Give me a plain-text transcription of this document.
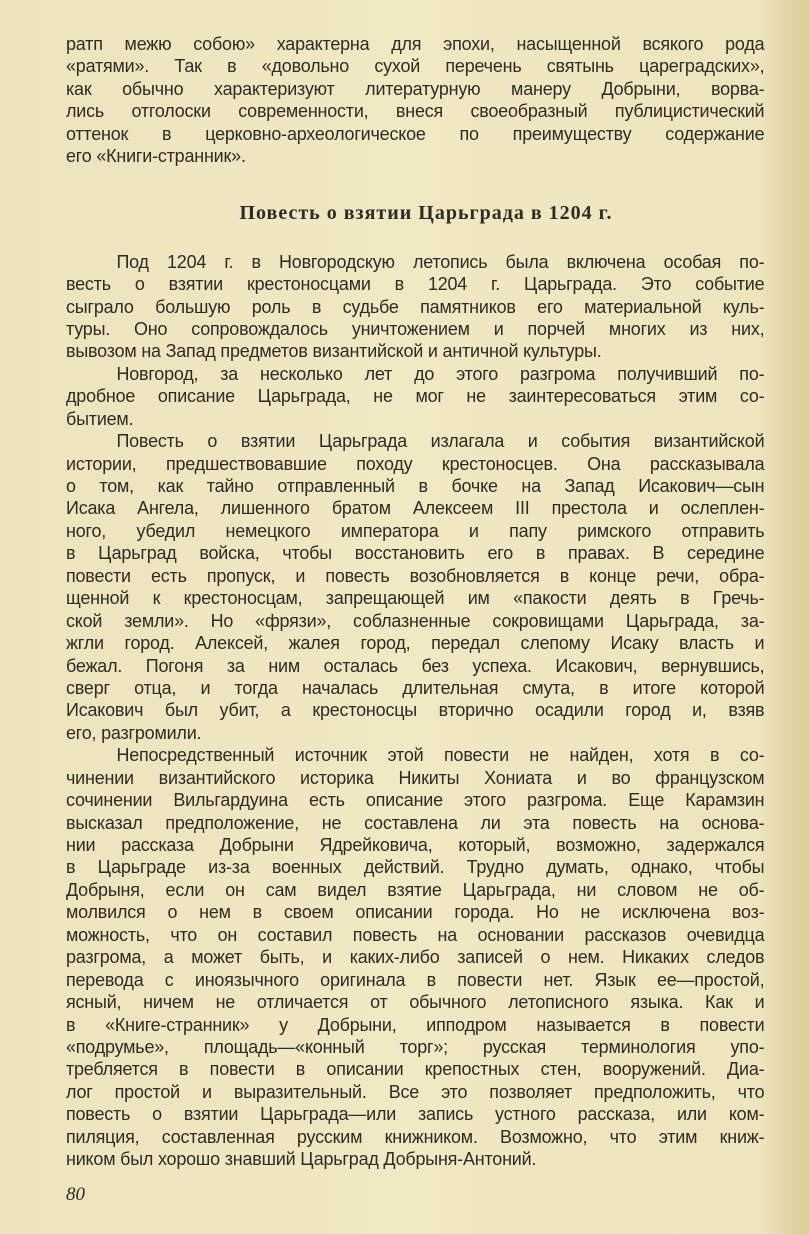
ратп межю собою» характерна для эпохи, насыщенной всякого рода
«ратями». Так в «довольно сухой перечень святынь цареградских»,
как обычно характеризуют литературную манеру Добрыни, ворва-
лись отголоски современности, внеся своеобразный публицистический
оттенок в церковно-археологическое по преимуществу содержание
его «Книги-странник».
Повесть о взятии Царьграда в 1204 г.
Под 1204 г. в Новгородскую летопись была включена особая по-
весть о взятии крестоносцами в 1204 г. Царьграда. Это событие
сыграло большую роль в судьбе памятников его материальной куль-
туры. Оно сопровождалось уничтожением и порчей многих из них,
вывозом на Запад предметов византийской и античной культуры.
Новгород, за несколько лет до этого разгрома получивший по-
дробное описание Царьграда, не мог не заинтересоваться этим со-
бытием.
Повесть о взятии Царьграда излагала и события византийской
истории, предшествовавшие походу крестоносцев. Она рассказывала
о том, как тайно отправленный в бочке на Запад Исакович—сын
Исака Ангела, лишенного братом Алексеем III престола и ослеплен-
ного, убедил немецкого императора и папу римского отправить
в Царьград войска, чтобы восстановить его в правах. В середине
повести есть пропуск, и повесть возобновляется в конце речи, обра-
щенной к крестоносцам, запрещающей им «пакости деять в Гречь-
ской земли». Но «фрязи», соблазненные сокровищами Царьграда, за-
жгли город. Алексей, жалея город, передал слепому Исаку власть и
бежал. Погоня за ним осталась без успеха. Исакович, вернувшись,
сверг отца, и тогда началась длительная смута, в итоге которой
Исакович был убит, а крестоносцы вторично осадили город и, взяв
его, разгромили.
Непосредственный источник этой повести не найден, хотя в со-
чинении византийского историка Никиты Хониата и во французском
сочинении Вильгардуина есть описание этого разгрома. Еще Карамзин
высказал предположение, не составлена ли эта повесть на основа-
нии рассказа Добрыни Ядрейковича, который, возможно, задержался
в Царьграде из-за военных действий. Трудно думать, однако, чтобы
Добрыня, если он сам видел взятие Царьграда, ни словом не об-
молвился о нем в своем описании города. Но не исключена воз-
можность, что он составил повесть на основании рассказов очевидца
разгрома, а может быть, и каких-либо записей о нем. Никаких следов
перевода с иноязычного оригинала в повести нет. Язык ее—простой,
ясный, ничем не отличается от обычного летописного языка. Как и
в «Книге-странник» у Добрыни, ипподром называется в повести
«подрумье», площадь—«конный торг»; русская терминология упо-
требляется в повести в описании крепостных стен, вооружений. Диа-
лог простой и выразительный. Все это позволяет предположить, что
повесть о взятии Царьграда—или запись устного рассказа, или ком-
пиляция, составленная русским книжником. Возможно, что этим книж-
ником был хорошо знавший Царьград Добрыня-Антоний.
80
